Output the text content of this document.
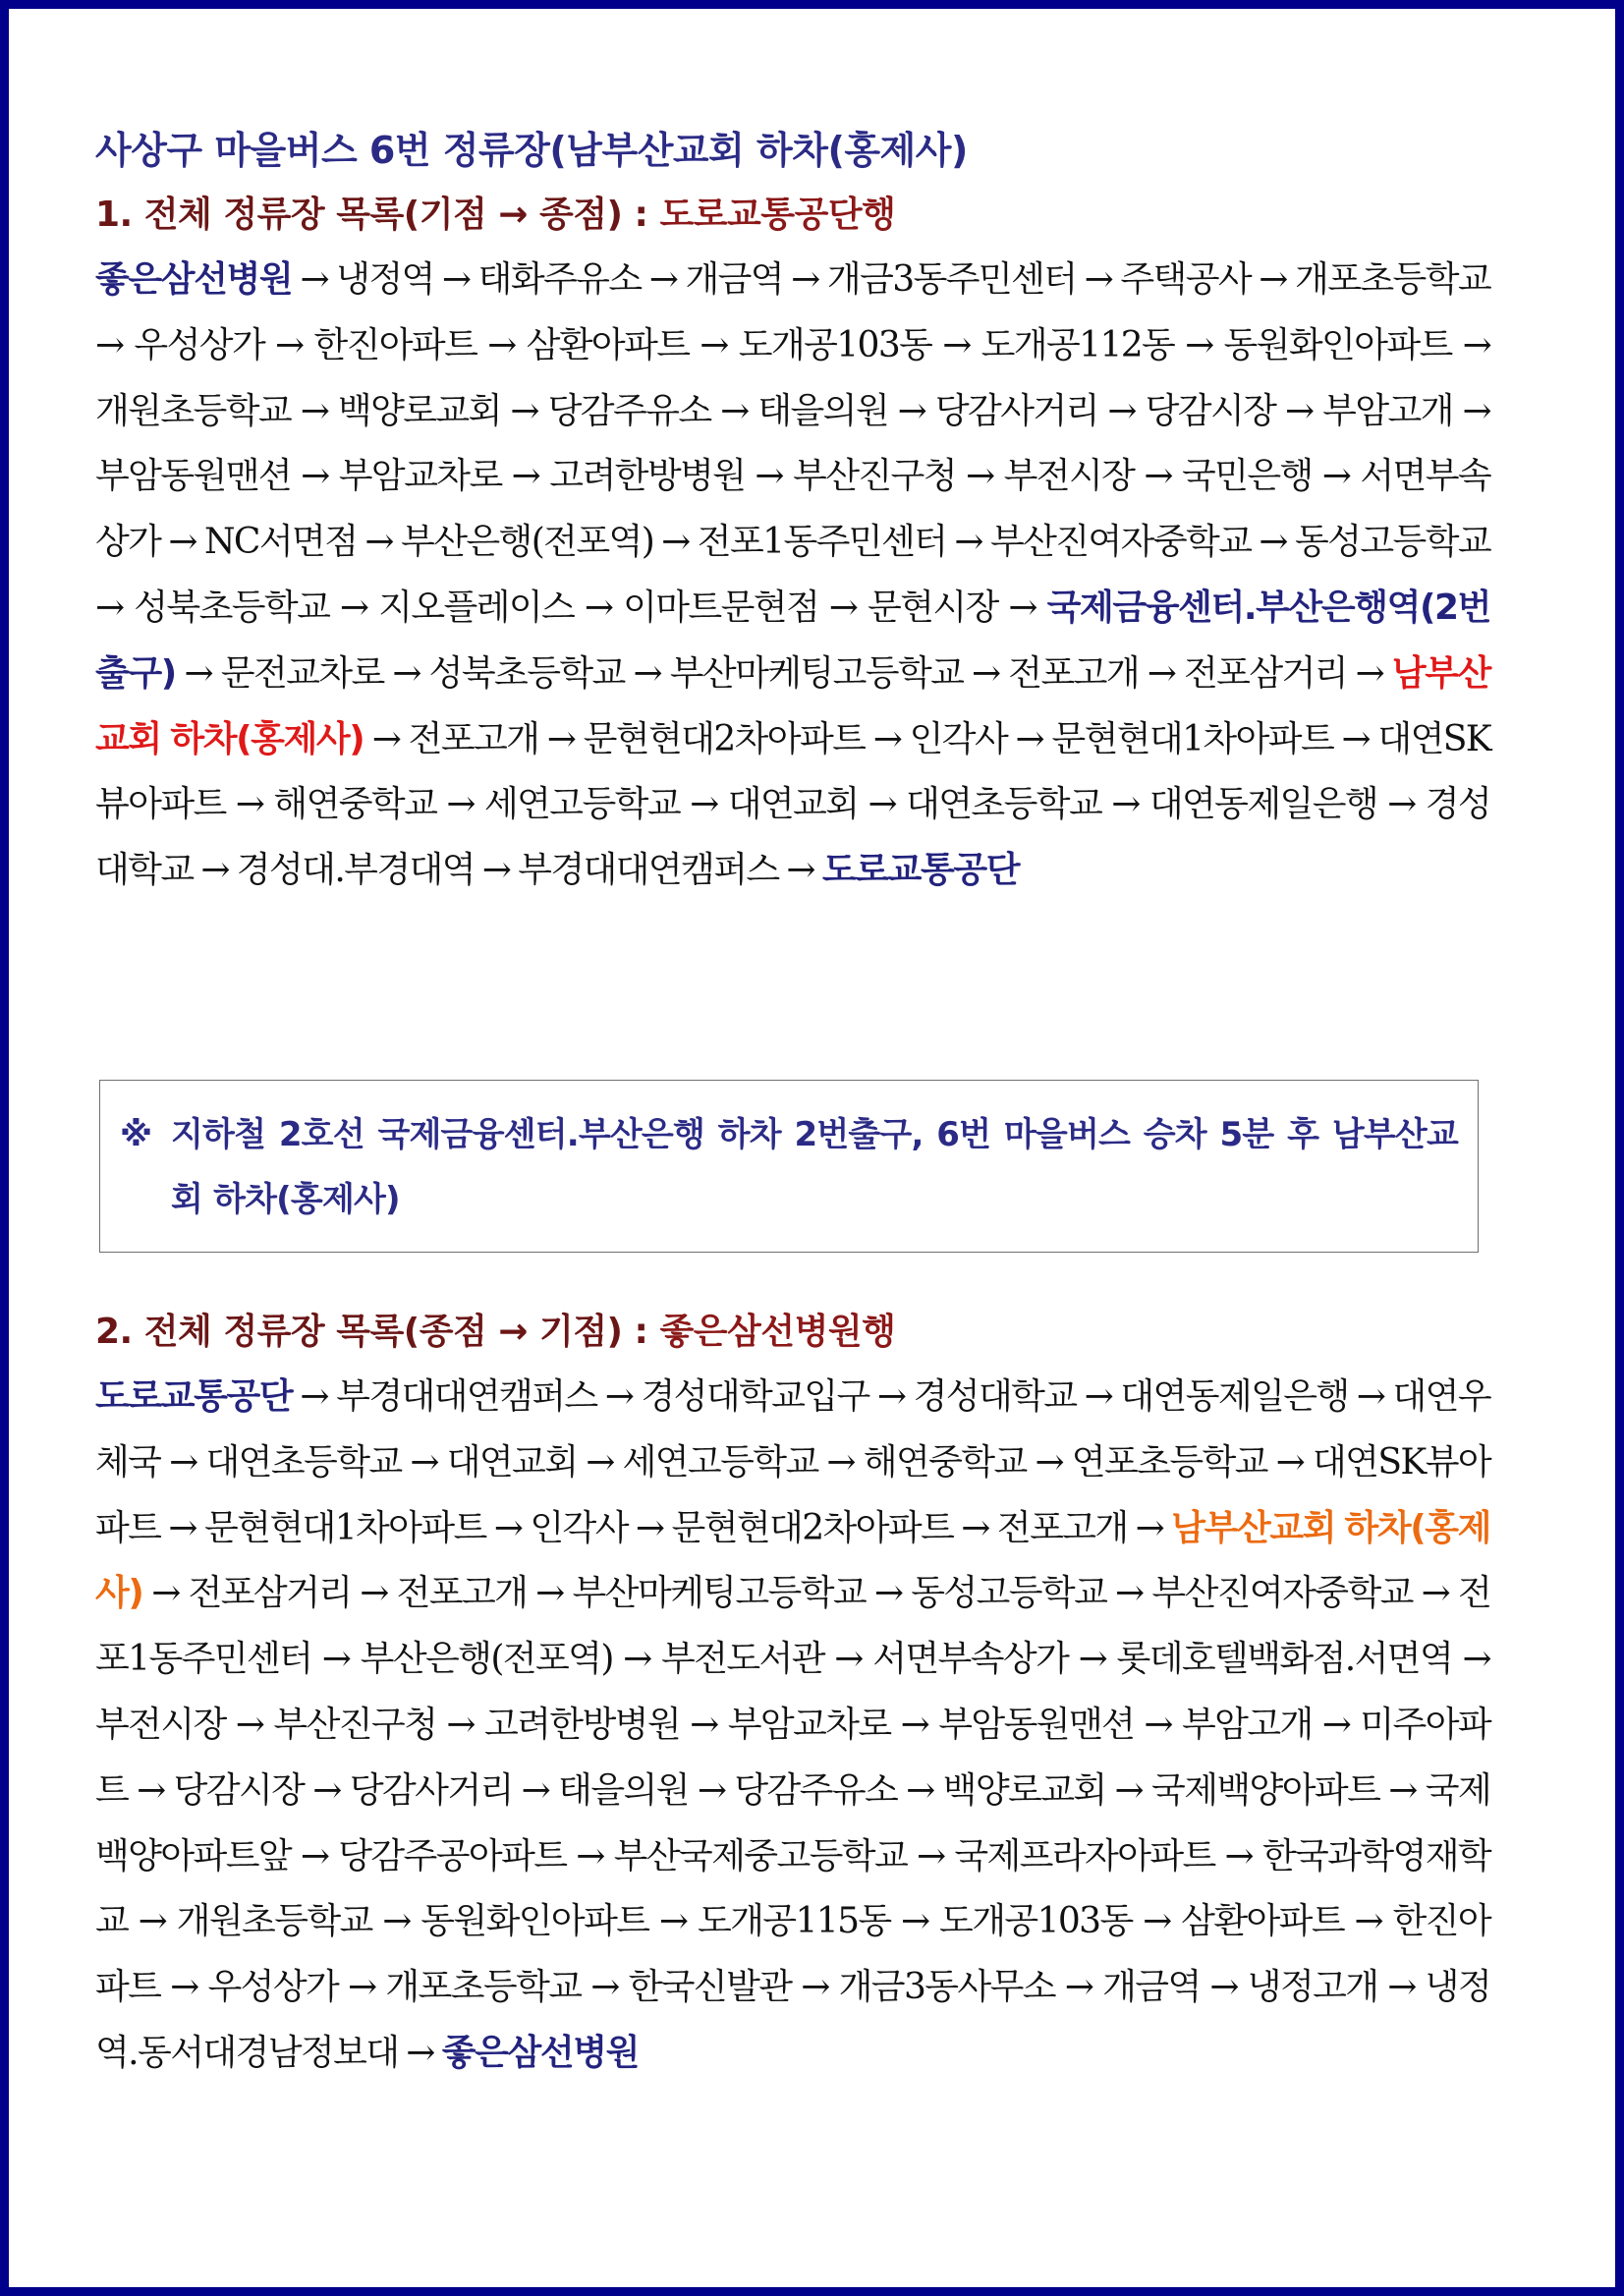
사상구 마을버스 6번 정류장(남부산교회 하차(홍제사)
1. 전체 정류장 목록(기점 → 종점) : 도로교통공단행
좋은삼선병원 → 냉정역 → 태화주유소 → 개금역 → 개금3동주민센터 → 주택공사 → 개포초등학교 → 우성상가 → 한진아파트 → 삼환아파트 → 도개공103동 → 도개공112동 → 동원화인아파트 → 개원초등학교 → 백양로교회 → 당감주유소 → 태을의원 → 당감사거리 → 당감시장 → 부암고개 → 부암동원맨션 → 부암교차로 → 고려한방병원 → 부산진구청 → 부전시장 → 국민은행 → 서면부속상가 → NC서면점 → 부산은행(전포역) → 전포1동주민센터 → 부산진여자중학교 → 동성고등학교 → 성북초등학교 → 지오플레이스 → 이마트문현점 → 문현시장 → 국제금융센터.부산은행역(2번출구) → 문전교차로 → 성북초등학교 → 부산마케팅고등학교 → 전포고개 → 전포삼거리 → 남부산교회 하차(홍제사) → 전포고개 → 문현현대2차아파트 → 인각사 → 문현현대1차아파트 → 대연SK뷰아파트 → 해연중학교 → 세연고등학교 → 대연교회 → 대연초등학교 → 대연동제일은행 → 경성대학교 → 경성대.부경대역 → 부경대대연캠퍼스 → 도로교통공단
※ 지하철 2호선 국제금융센터.부산은행 하차 2번출구, 6번 마을버스 승차 5분 후 남부산교회 하차(홍제사)
2. 전체 정류장 목록(종점 → 기점) : 좋은삼선병원행
도로교통공단 → 부경대대연캠퍼스 → 경성대학교입구 → 경성대학교 → 대연동제일은행 → 대연우체국 → 대연초등학교 → 대연교회 → 세연고등학교 → 해연중학교 → 연포초등학교 → 대연SK뷰아파트 → 문현현대1차아파트 → 인각사 → 문현현대2차아파트 → 전포고개 → 남부산교회 하차(홍제사) → 전포삼거리 → 전포고개 → 부산마케팅고등학교 → 동성고등학교 → 부산진여자중학교 → 전포1동주민센터 → 부산은행(전포역) → 부전도서관 → 서면부속상가 → 롯데호텔백화점.서면역 → 부전시장 → 부산진구청 → 고려한방병원 → 부암교차로 → 부암동원맨션 → 부암고개 → 미주아파트 → 당감시장 → 당감사거리 → 태을의원 → 당감주유소 → 백양로교회 → 국제백양아파트 → 국제백양아파트앞 → 당감주공아파트 → 부산국제중고등학교 → 국제프라자아파트 → 한국과학영재학교 → 개원초등학교 → 동원화인아파트 → 도개공115동 → 도개공103동 → 삼환아파트 → 한진아파트 → 우성상가 → 개포초등학교 → 한국신발관 → 개금3동사무소 → 개금역 → 냉정고개 → 냉정역.동서대경남정보대 → 좋은삼선병원
